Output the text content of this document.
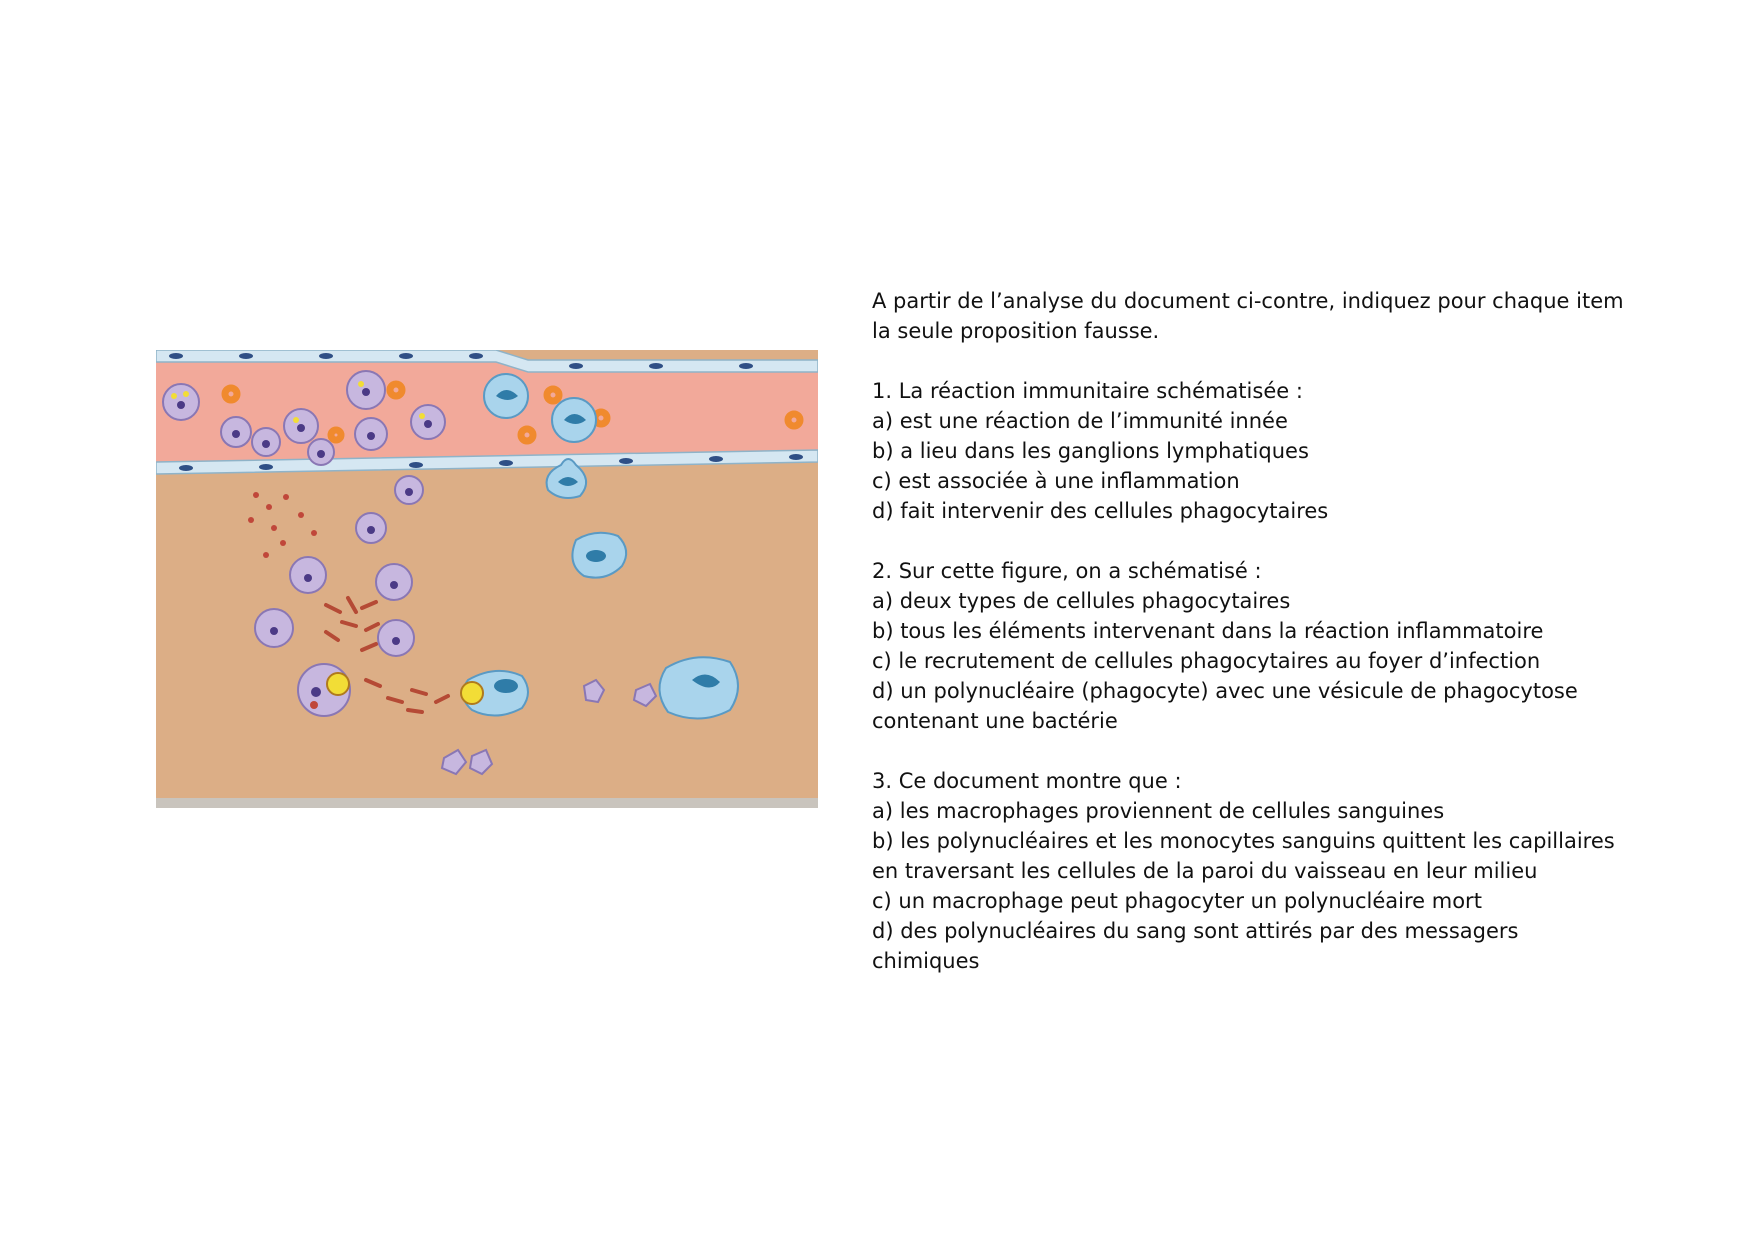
A partir de l’analyse du document ci-contre, indiquez pour chaque item

la seule proposition fausse.

1. La réaction immunitaire schématisée :

a) est une réaction de l’immunité innée

b) a lieu dans les ganglions lymphatiques

c) est associée à une inflammation

d) fait intervenir des cellules phagocytaires

2. Sur cette figure, on a schématisé :

a) deux types de cellules phagocytaires

b) tous les éléments intervenant dans la réaction inflammatoire

c) le recrutement de cellules phagocytaires au foyer d’infection

d) un polynucléaire (phagocyte) avec une vésicule de phagocytose

contenant une bactérie

3. Ce document montre que :

a) les macrophages proviennent de cellules sanguines

b) les polynucléaires et les monocytes sanguins quittent les capillaires

en traversant les cellules de la paroi du vaisseau en leur milieu

c) un macrophage peut phagocyter un polynucléaire mort

d) des polynucléaires du sang sont attirés par des messagers

chimiques
